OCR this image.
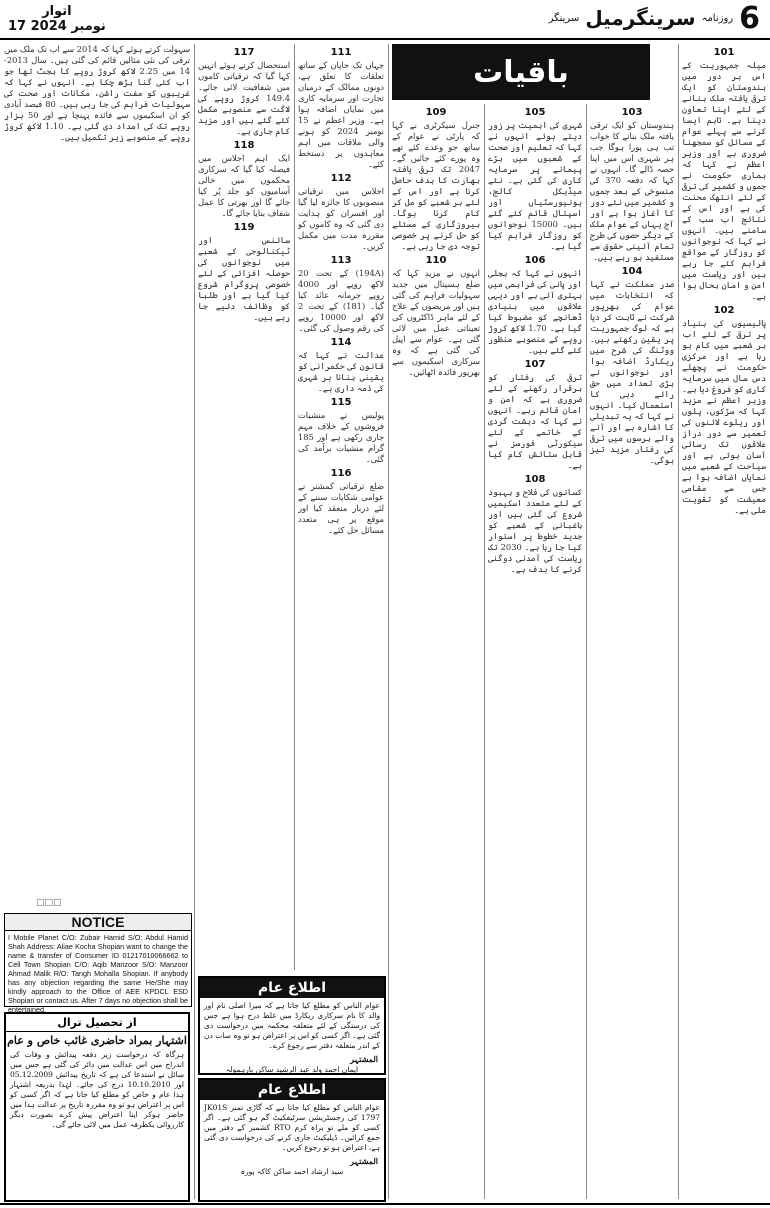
اتوار
17 نومبر 2024	6
روزنامہ
سرینگرمیل
سرینگر
باقیات
101
میلہ جمہوریت کے اس ہر دور میں ہندوستان کو ایک ترقی یافتہ ملک بنانے کے لئے اپنا تعاون دینا ہے۔ تاہم ایسا کرنے سے پہلے عوام کے مسائل کو سمجھنا ضروری ہے اور وزیر اعظم نے کہا کہ ہماری حکومت نے جموں و کشمیر کی ترقی کے لئے انتھک محنت کی ہے اور اس کے نتائج اب سب کے سامنے ہیں۔ انہوں نے کہا کہ نوجوانوں کو روزگار کے مواقع فراہم کئے جا رہے ہیں اور ریاست میں امن و امان بحال ہوا ہے۔
102
پالیسیوں کی بنیاد پر ترقی کے لئے اب ہر شعبے میں کام ہو رہا ہے اور مرکزی حکومت نے پچھلے دس سال میں سرمایہ کاری کو فروغ دیا ہے۔ وزیر اعظم نے مزید کہا کہ سڑکوں، پلوں اور ریلوے لائنوں کی تعمیر سے دور دراز علاقوں تک رسائی آسان ہوئی ہے اور سیاحت کے شعبے میں نمایاں اضافہ ہوا ہے جس سے مقامی معیشت کو تقویت ملی ہے۔
103
ہندوستان کو ایک ترقی یافتہ ملک بنانے کا خواب تب ہی پورا ہوگا جب ہر شہری اس میں اپنا حصہ ڈالے گا۔ انہوں نے کہا کہ دفعہ 370 کی منسوخی کے بعد جموں و کشمیر میں نئے دور کا آغاز ہوا ہے اور آج یہاں کے عوام ملک کے دیگر حصوں کی طرح تمام آئینی حقوق سے مستفید ہو رہے ہیں۔
104
صدر مملکت نے کہا کہ انتخابات میں عوام کی بھرپور شرکت نے ثابت کر دیا ہے کہ لوگ جمہوریت پر یقین رکھتے ہیں۔ ووٹنگ کی شرح میں ریکارڈ اضافہ ہوا اور نوجوانوں نے بڑی تعداد میں حق رائے دہی کا استعمال کیا۔ انہوں نے کہا کہ یہ تبدیلی کا اشارہ ہے اور آنے والے برسوں میں ترقی کی رفتار مزید تیز ہوگی۔
105
شہری کی اہمیت پر زور دیتے ہوئے انہوں نے کہا کہ تعلیم اور صحت کے شعبوں میں بڑے پیمانے پر سرمایہ کاری کی گئی ہے۔ نئے میڈیکل کالج، یونیورسٹیاں اور اسپتال قائم کئے گئے ہیں۔ 15000 نوجوانوں کو روزگار فراہم کیا گیا ہے۔
106
انہوں نے کہا کہ بجلی اور پانی کی فراہمی میں بہتری آئی ہے اور دیہی علاقوں میں بنیادی ڈھانچے کو مضبوط کیا گیا ہے۔ 1.70 لاکھ کروڑ روپے کے منصوبے منظور کئے گئے ہیں۔
107
ترقی کی رفتار کو برقرار رکھنے کے لئے ضروری ہے کہ امن و امان قائم رہے۔ انہوں نے کہا کہ دہشت گردی کے خاتمے کے لئے سیکورٹی فورسز نے قابل ستائش کام کیا ہے۔
108
کسانوں کی فلاح و بہبود کے لئے متعدد اسکیمیں شروع کی گئی ہیں اور باغبانی کے شعبے کو جدید خطوط پر استوار کیا جا رہا ہے۔ 2030 تک ریاست کی آمدنی دوگنی کرنے کا ہدف ہے۔
109
جنرل سیکرٹری نے کہا کہ پارٹی نے عوام کے ساتھ جو وعدے کئے تھے وہ پورے کئے جائیں گے۔ 2047 تک ترقی یافتہ بھارت کا ہدف حاصل کرنا ہے اور اس کے لئے ہر شعبے کو مل کر کام کرنا ہوگا۔ بیروزگاری کے مسئلے کو حل کرنے پر خصوصی توجہ دی جا رہی ہے۔
110
انہوں نے مزید کہا کہ ضلع ہسپتال میں جدید سہولیات فراہم کی گئی ہیں اور مریضوں کے علاج کے لئے ماہر ڈاکٹروں کی تعیناتی عمل میں لائی گئی ہے۔ عوام سے اپیل کی گئی ہے کہ وہ سرکاری اسکیموں سے بھرپور فائدہ اٹھائیں۔
111
جہاں تک جاپان کے ساتھ تعلقات کا تعلق ہے، دونوں ممالک کے درمیان تجارت اور سرمایہ کاری میں نمایاں اضافہ ہوا ہے۔ وزیر اعظم نے 15 نومبر 2024 کو ہونے والی ملاقات میں اہم معاہدوں پر دستخط کئے۔
112
اجلاس میں ترقیاتی منصوبوں کا جائزہ لیا گیا اور افسران کو ہدایت دی گئی کہ وہ کاموں کو مقررہ مدت میں مکمل کریں۔
113
(194A) کے تحت 20 لاکھ روپے اور 4000 روپے جرمانہ عائد کیا گیا۔ (181) کے تحت 2 لاکھ اور 10000 روپے کی رقم وصول کی گئی۔
114
عدالت نے کہا کہ قانون کی حکمرانی کو یقینی بنانا ہر شہری کی ذمہ داری ہے۔
115
پولیس نے منشیات فروشوں کے خلاف مہم جاری رکھی ہے اور 185 گرام منشیات برآمد کی گئی۔
116
ضلع ترقیاتی کمشنر نے عوامی شکایات سننے کے لئے دربار منعقد کیا اور موقع پر ہی متعدد مسائل حل کئے۔
117
استحصال کرتے ہوئے انہیں کہا گیا کہ ترقیاتی کاموں میں شفافیت لائی جائے۔ 149.4 کروڑ روپے کی لاگت سے منصوبے مکمل کئے گئے ہیں اور مزید کام جاری ہے۔
118
ایک اہم اجلاس میں فیصلہ کیا گیا کہ سرکاری محکموں میں خالی آسامیوں کو جلد پُر کیا جائے گا اور بھرتی کا عمل شفاف بنایا جائے گا۔
119
سائنس اور ٹیکنالوجی کے شعبے میں نوجوانوں کی حوصلہ افزائی کے لئے خصوصی پروگرام شروع کیا گیا ہے اور طلبا کو وظائف دئیے جا رہے ہیں۔
سہولت کرتے ہوئے کہا کہ 2014 سے اب تک ملک میں ترقی کی نئی مثالیں قائم کی گئی ہیں۔ سال 2013-14 میں 2.25 لاکھ کروڑ روپے کا بجٹ تھا جو اب کئی گنا بڑھ چکا ہے۔ انہوں نے کہا کہ غریبوں کو مفت راشن، مکانات اور صحت کی سہولیات فراہم کی جا رہی ہیں۔ 80 فیصد آبادی کو ان اسکیموں سے فائدہ پہنچا ہے اور 50 ہزار روپے تک کی امداد دی گئی ہے۔ 1.10 لاکھ کروڑ روپے کے منصوبے زیر تکمیل ہیں۔
□□□
NOTICE

I Mobile Planet C/O: Zubair Hamid S/O: Abdul Hamid Shah Address: Aliae Kocha Shopian want to change the name & transfer of Consumer ID 01217010066662 to Cell Town Shopian C/O: Aqib Manzoor S/O: Manzoor Ahmad Malik R/O: Tangh Mohalla Shopian. If anybody has any objection regarding the same He/She may kindly approach to the Office of AEE KPDCL ESD Shopian or contact us. After 7 days no objection shall be entertained.

از تحصیل ترال
اشتہار بمراد حاضری غائب خاص و عام

ہرگاہ کہ درخواست زیر دفعہ پیدائش و وفات کی اندراج میں اس عدالت میں دائر کی گئی ہے جس میں سائل نے استدعا کی ہے کہ تاریخ پیدائش 05.12.2009 اور 10.10.2010 درج کی جائے۔ لہٰذا بذریعہ اشتہار ہذا عام و خاص کو مطلع کیا جاتا ہے کہ اگر کسی کو اس پر اعتراض ہو تو وہ مقررہ تاریخ پر عدالت ہذا میں حاضر ہوکر اپنا اعتراض پیش کرے بصورت دیگر کارروائی یکطرفہ عمل میں لائی جائے گی۔

اطلاع عام

عوام الناس کو مطلع کیا جاتا ہے کہ میرا اصلی نام اور والد کا نام سرکاری ریکارڈ میں غلط درج ہوا ہے جس کی درستگی کے لئے متعلقہ محکمہ میں درخواست دی گئی ہے۔ اگر کسی کو اس پر اعتراض ہو تو وہ سات دن کے اندر متعلقہ دفتر سے رجوع کرے۔

المشتہر
ایمان احمد ولد عبد الرشید ساکن بارہمولہ
اطلاع عام

عوام الناس کو مطلع کیا جاتا ہے کہ گاڑی نمبر JK01S 1797 کی رجسٹریشن سرٹیفکیٹ گم ہو گئی ہے۔ اگر کسی کو ملے تو براہ کرم RTO کشمیر کے دفتر میں جمع کرائیں۔ ڈپلیکیٹ جاری کرنے کی درخواست دی گئی ہے، اعتراض ہو تو رجوع کریں۔

المشتہر
سید ارشاد احمد ساکن کاکہ پورہ
